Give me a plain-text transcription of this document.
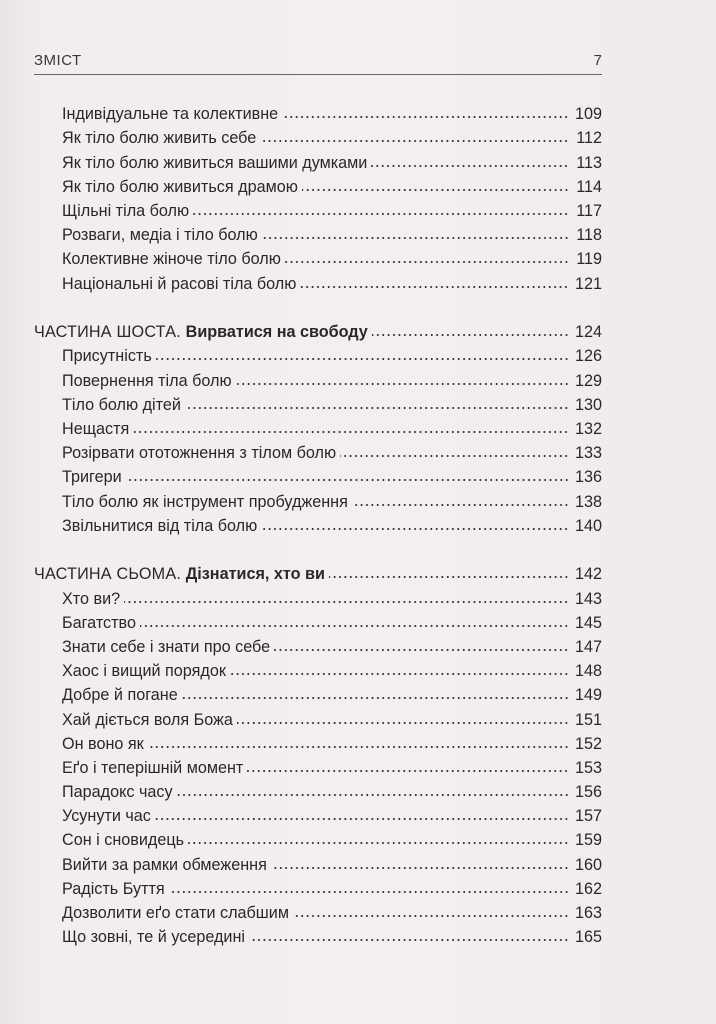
ЗМІСТ	7
Індивідуальне та колективне	109
Як тіло болю живить себе	112
Як тіло болю живиться вашими думками	113
Як тіло болю живиться драмою	114
Щільні тіла болю	117
Розваги, медіа і тіло болю	118
Колективне жіноче тіло болю	119
Національні й расові тіла болю	121
ЧАСТИНА ШОСТА. Вирватися на свободу	124
Присутність	126
Повернення тіла болю	129
Тіло болю дітей	130
Нещастя	132
Розірвати ототожнення з тілом болю	133
Тригери	136
Тіло болю як інструмент пробудження	138
Звільнитися від тіла болю	140
ЧАСТИНА СЬОМА. Дізнатися, хто ви	142
Хто ви?	143
Багатство	145
Знати себе і знати про себе	147
Хаос і вищий порядок	148
Добре й погане	149
Хай діється воля Божа	151
Он воно як	152
Еґо і теперішній момент	153
Парадокс часу	156
Усунути час	157
Сон і сновидець	159
Вийти за рамки обмеження	160
Радість Буття	162
Дозволити еґо стати слабшим	163
Що зовні, те й усередині	165
